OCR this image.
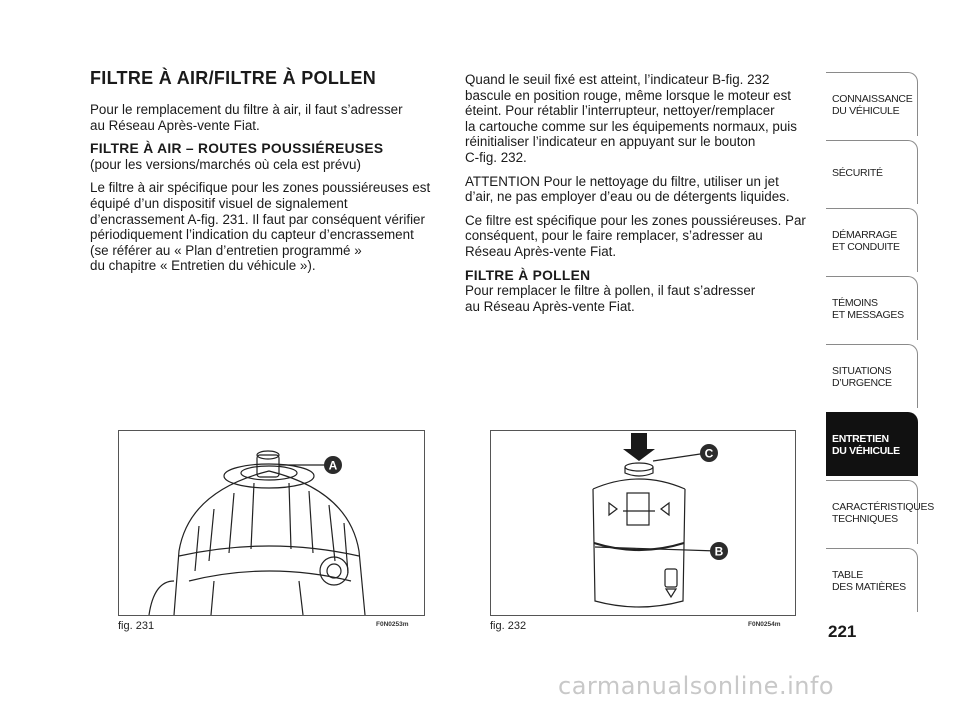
FILTRE À AIR/FILTRE À POLLEN

Pour le remplacement du filtre à air, il faut s’adresser
au Réseau Après-vente Fiat.

FILTRE À AIR – ROUTES POUSSIÉREUSES

(pour les versions/marchés où cela est prévu)

Le filtre à air spécifique pour les zones poussiéreuses est
équipé d’un dispositif visuel de signalement
d’encrassement A-fig. 231. Il faut par conséquent vérifier
périodiquement l’indication du capteur d’encrassement
(se référer au « Plan d’entretien programmé »
du chapitre « Entretien du véhicule »).

Quand le seuil fixé est atteint, l’indicateur B-fig. 232
bascule en position rouge, même lorsque le moteur est
éteint. Pour rétablir l’interrupteur, nettoyer/remplacer
la cartouche comme sur les équipements normaux, puis
réinitialiser l’indicateur en appuyant sur le bouton
C-fig. 232.

ATTENTION Pour le nettoyage du filtre, utiliser un jet
d’air, ne pas employer d’eau ou de détergents liquides.

Ce filtre est spécifique pour les zones poussiéreuses. Par
conséquent, pour le faire remplacer, s’adresser au
Réseau Après-vente Fiat.

FILTRE À POLLEN

Pour remplacer le filtre à pollen, il faut s’adresser
au Réseau Après-vente Fiat.

A
fig. 231	F0N0253m
C
B
fig. 232	F0N0254m
CONNAISSANCE
DU VÉHICULE
SÉCURITÉ
DÉMARRAGE
ET CONDUITE
TÉMOINS
ET MESSAGES
SITUATIONS
D’URGENCE
ENTRETIEN
DU VÉHICULE
CARACTÉRISTIQUES
TECHNIQUES
TABLE
DES MATIÈRES
221
carmanualsonline.info
